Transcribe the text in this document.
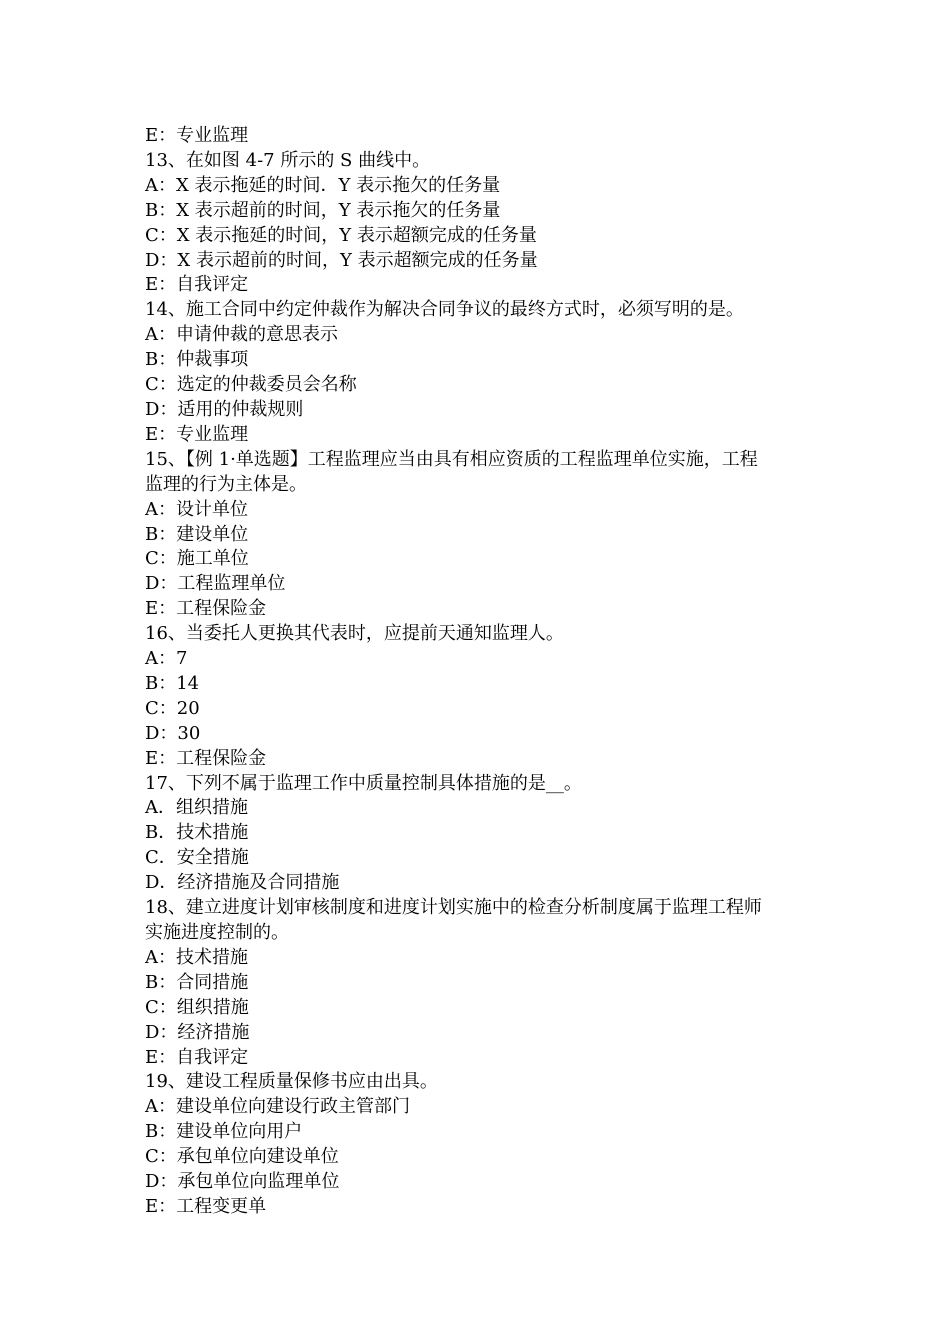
E：专业监理
13、在如图 4-7 所示的 S 曲线中。
A：X 表示拖延的时间．Y 表示拖欠的任务量
B：X 表示超前的时间，Y 表示拖欠的任务量
C：X 表示拖延的时间，Y 表示超额完成的任务量
D：X 表示超前的时间，Y 表示超额完成的任务量
E：自我评定
14、施工合同中约定仲裁作为解决合同争议的最终方式时，必须写明的是。
A：申请仲裁的意思表示
B：仲裁事项
C：选定的仲裁委员会名称
D：适用的仲裁规则
E：专业监理
15、【例 1·单选题】工程监理应当由具有相应资质的工程监理单位实施，工程
监理的行为主体是。
A：设计单位
B：建设单位
C：施工单位
D：工程监理单位
E：工程保险金
16、当委托人更换其代表时，应提前天通知监理人。
A：7
B：14
C：20
D：30
E：工程保险金
17、下列不属于监理工作中质量控制具体措施的是__。
A．组织措施
B．技术措施
C．安全措施
D．经济措施及合同措施
18、建立进度计划审核制度和进度计划实施中的检查分析制度属于监理工程师
实施进度控制的。
A：技术措施
B：合同措施
C：组织措施
D：经济措施
E：自我评定
19、建设工程质量保修书应由出具。
A：建设单位向建设行政主管部门
B：建设单位向用户
C：承包单位向建设单位
D：承包单位向监理单位
E：工程变更单
